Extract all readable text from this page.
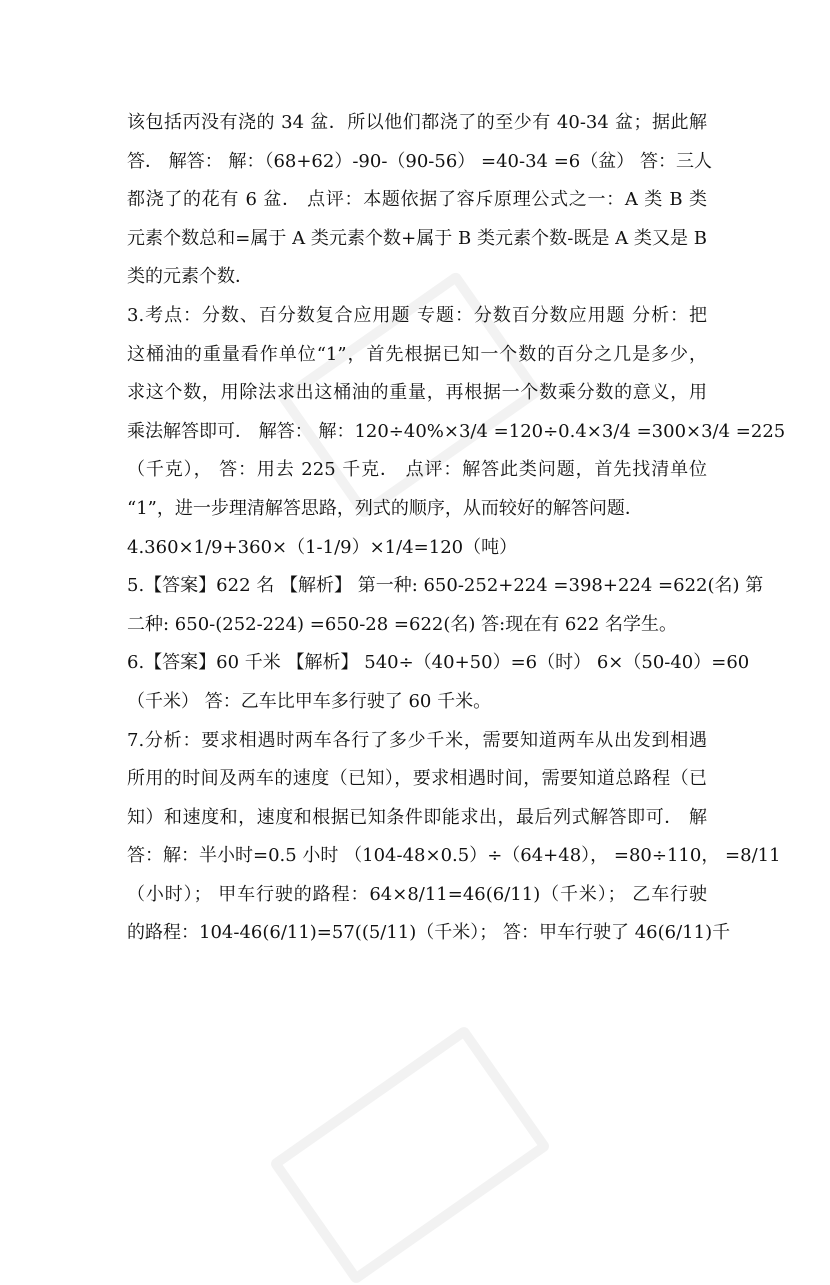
该包括丙没有浇的 34 盆．所以他们都浇了的至少有 40-34 盆；据此解
答． 解答： 解：（68+62）-90-（90-56） =40-34 =6（盆） 答：三人
都浇了的花有 6 盆． 点评：本题依据了容斥原理公式之一：A 类 B 类
元素个数总和=属于 A 类元素个数+属于 B 类元素个数-既是 A 类又是 B
类的元素个数．
3.考点：分数、百分数复合应用题 专题：分数百分数应用题 分析：把
这桶油的重量看作单位“1”，首先根据已知一个数的百分之几是多少，
求这个数，用除法求出这桶油的重量，再根据一个数乘分数的意义，用
乘法解答即可． 解答： 解：120÷40%×3/4 =120÷0.4×3/4 =300×3/4 =225
（千克）， 答：用去 225 千克． 点评：解答此类问题，首先找清单位
“1”，进一步理清解答思路，列式的顺序，从而较好的解答问题．
4.360×1/9+360×（1-1/9）×1/4=120（吨）
5.【答案】622 名 【解析】 第一种: 650-252+224 =398+224 =622(名) 第
二种: 650-(252-224) =650-28 =622(名) 答:现在有 622 名学生。
6.【答案】60 千米 【解析】 540÷（40+50）=6（时） 6×（50-40）=60
（千米） 答：乙车比甲车多行驶了 60 千米。
7.分析：要求相遇时两车各行了多少千米，需要知道两车从出发到相遇
所用的时间及两车的速度（已知），要求相遇时间，需要知道总路程（已
知）和速度和，速度和根据已知条件即能求出，最后列式解答即可． 解
答：解：半小时=0.5 小时 （104-48×0.5）÷（64+48）， =80÷110， =8/11
（小时）； 甲车行驶的路程：64×8/11=46(6/11)（千米）； 乙车行驶
的路程：104-46(6/11)=57((5/11)（千米）； 答：甲车行驶了 46(6/11)千
